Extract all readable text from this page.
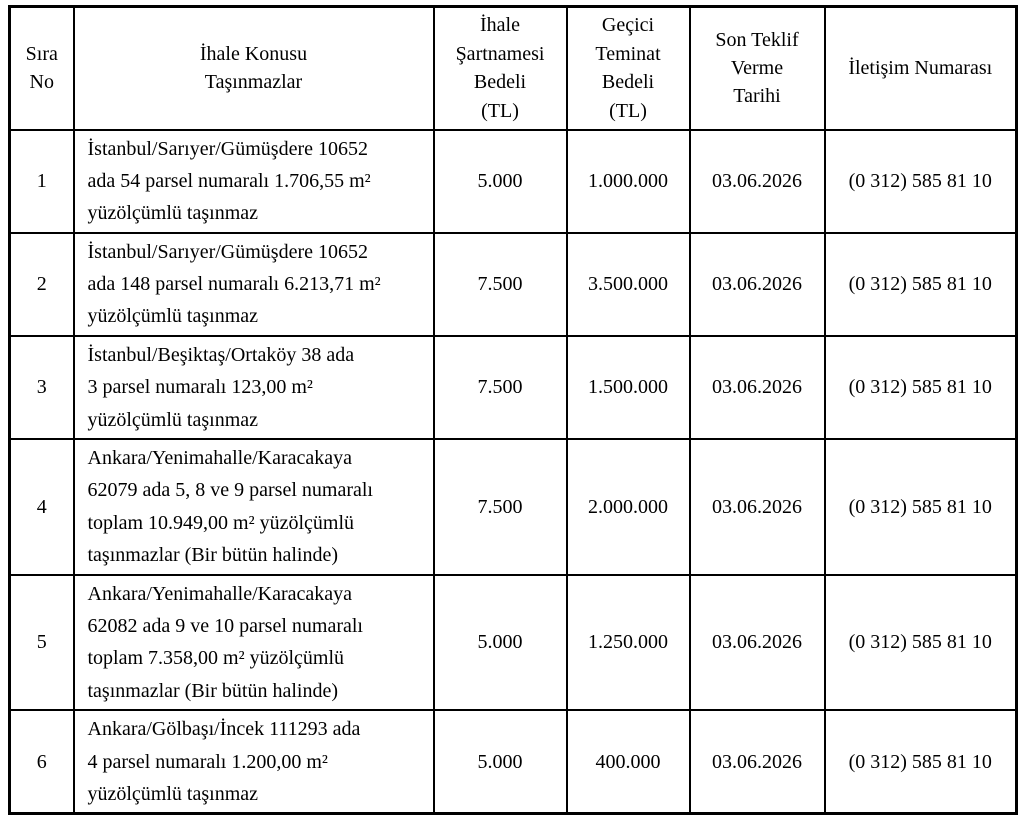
Sıra
No	İhale Konusu
Taşınmazlar	İhale
Şartnamesi
Bedeli
(TL)	Geçici
Teminat
Bedeli
(TL)	Son Teklif
Verme
Tarihi	İletişim Numarası
1	İstanbul/Sarıyer/Gümüşdere 10652
ada 54 parsel numaralı 1.706,55 m²
yüzölçümlü taşınmaz	5.000	1.000.000	03.06.2026	(0 312) 585 81 10
2	İstanbul/Sarıyer/Gümüşdere 10652
ada 148 parsel numaralı 6.213,71 m²
yüzölçümlü taşınmaz	7.500	3.500.000	03.06.2026	(0 312) 585 81 10
3	İstanbul/Beşiktaş/Ortaköy 38 ada
3 parsel numaralı 123,00 m²
yüzölçümlü taşınmaz	7.500	1.500.000	03.06.2026	(0 312) 585 81 10
4	Ankara/Yenimahalle/Karacakaya
62079 ada 5, 8 ve 9 parsel numaralı
toplam 10.949,00 m² yüzölçümlü
taşınmazlar (Bir bütün halinde)	7.500	2.000.000	03.06.2026	(0 312) 585 81 10
5	Ankara/Yenimahalle/Karacakaya
62082 ada 9 ve 10 parsel numaralı
toplam 7.358,00 m² yüzölçümlü
taşınmazlar (Bir bütün halinde)	5.000	1.250.000	03.06.2026	(0 312) 585 81 10
6	Ankara/Gölbaşı/İncek 111293 ada
4 parsel numaralı 1.200,00 m²
yüzölçümlü taşınmaz	5.000	400.000	03.06.2026	(0 312) 585 81 10
